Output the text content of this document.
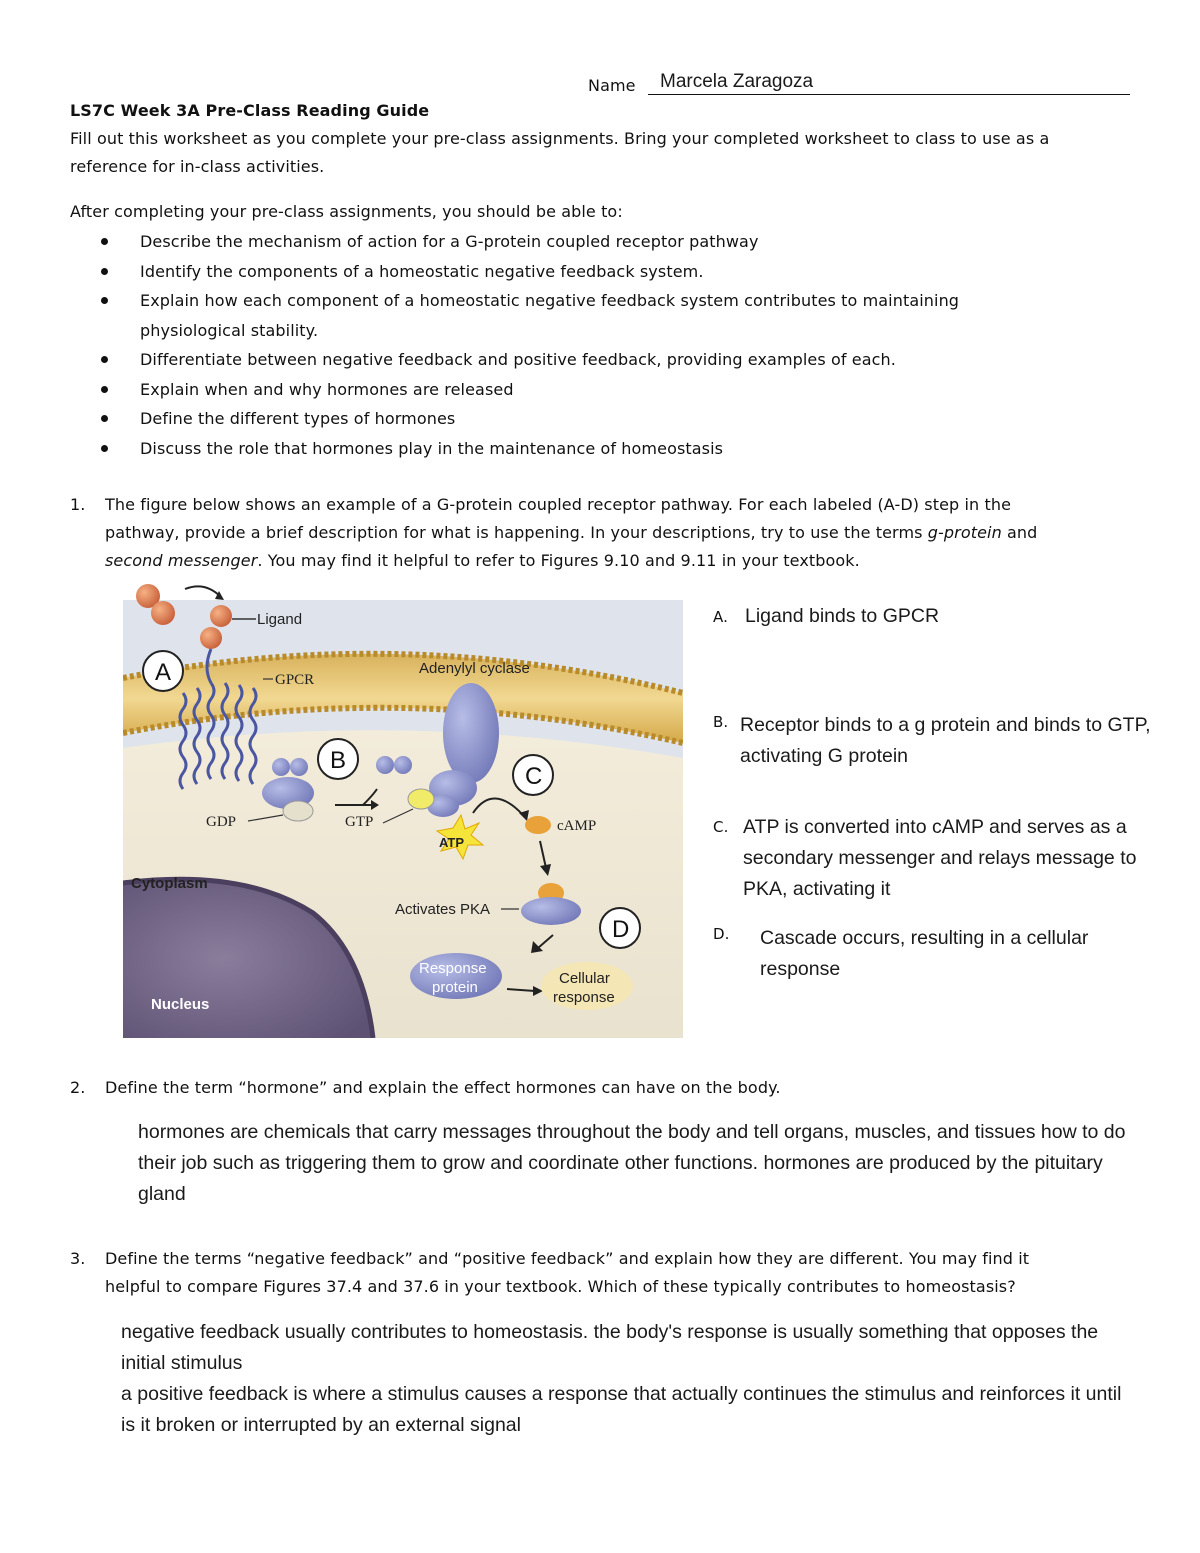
Name Marcela Zaragoza
LS7C Week 3A Pre-Class Reading Guide
Fill out this worksheet as you complete your pre-class assignments. Bring your completed worksheet to class to use as a
reference for in-class activities.
After completing your pre-class assignments, you should be able to:
Describe the mechanism of action for a G-protein coupled receptor pathway
Identify the components of a homeostatic negative feedback system.
Explain how each component of a homeostatic negative feedback system contributes to maintaining
physiological stability.
Differentiate between negative feedback and positive feedback, providing examples of each.
Explain when and why hormones are released
Define the different types of hormones
Discuss the role that hormones play in the maintenance of homeostasis
1. The figure below shows an example of a G-protein coupled receptor pathway. For each labeled (A-D) step in the
pathway, provide a brief description for what is happening. In your descriptions, try to use the terms g-protein and
second messenger. You may find it helpful to refer to Figures 9.10 and 9.11 in your textbook.
Ligand
GPCR
A
GDP
B
GTP
Adenylyl cyclase
C
ATP
cAMP
Activates PKA
D
Cytoplasm
Response
protein
Cellular
response
Nucleus
A. Ligand binds to GPCR
B. Receptor binds to a g protein and binds to GTP,
activating G protein
C. ATP is converted into cAMP and serves as a
secondary messenger and relays message to
PKA, activating it
D. Cascade occurs, resulting in a cellular
response
2. Define the term “hormone” and explain the effect hormones can have on the body.
hormones are chemicals that carry messages throughout the body and tell organs, muscles, and tissues how to do
their job such as triggering them to grow and coordinate other functions. hormones are produced by the pituitary
gland
3. Define the terms “negative feedback” and “positive feedback” and explain how they are different. You may find it
helpful to compare Figures 37.4 and 37.6 in your textbook. Which of these typically contributes to homeostasis?
negative feedback usually contributes to homeostasis. the body's response is usually something that opposes the
initial stimulus
a positive feedback is where a stimulus causes a response that actually continues the stimulus and reinforces it until
is it broken or interrupted by an external signal
